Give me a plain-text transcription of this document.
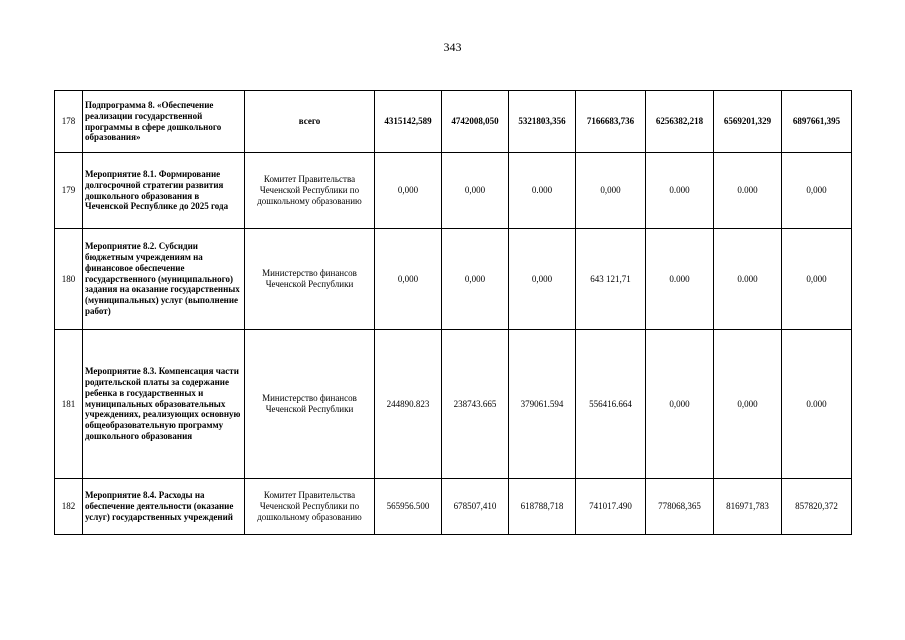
343
178	Подпрограмма 8. «Обеспечение реализации государственной программы в сфере дошкольного образования»	всего	4315142,589	4742008,050	5321803,356	7166683,736	6256382,218	6569201,329	6897661,395
179	Мероприятие 8.1. Формирование долгосрочной стратегии развития дошкольного образования в Чеченской Республике до 2025 года	Комитет Правительства Чеченской Республики по дошкольному образованию	0,000	0,000	0.000	0,000	0.000	0.000	0,000
180	Мероприятие 8.2. Субсидии бюджетным учреждениям на финансовое обеспечение государственного (муниципального) задания на оказание государственных (муниципальных) услуг (выполнение работ)	Министерство финансов Чеченской Республики	0,000	0,000	0,000	643 121,71	0.000	0.000	0,000
181	Мероприятие 8.3. Компенсация части родительской платы за содержание ребенка в государственных и муниципальных образовательных учреждениях, реализующих основную общеобразовательную программу дошкольного образования	Министерство финансов Чеченской Республики	244890.823	238743.665	379061.594	556416.664	0,000	0,000	0.000
182	Мероприятие 8.4. Расходы на обеспечение деятельности (оказание услуг) государственных учреждений	Комитет Правительства Чеченской Республики по дошкольному образованию	565956.500	678507,410	618788,718	741017.490	778068,365	816971,783	857820,372
